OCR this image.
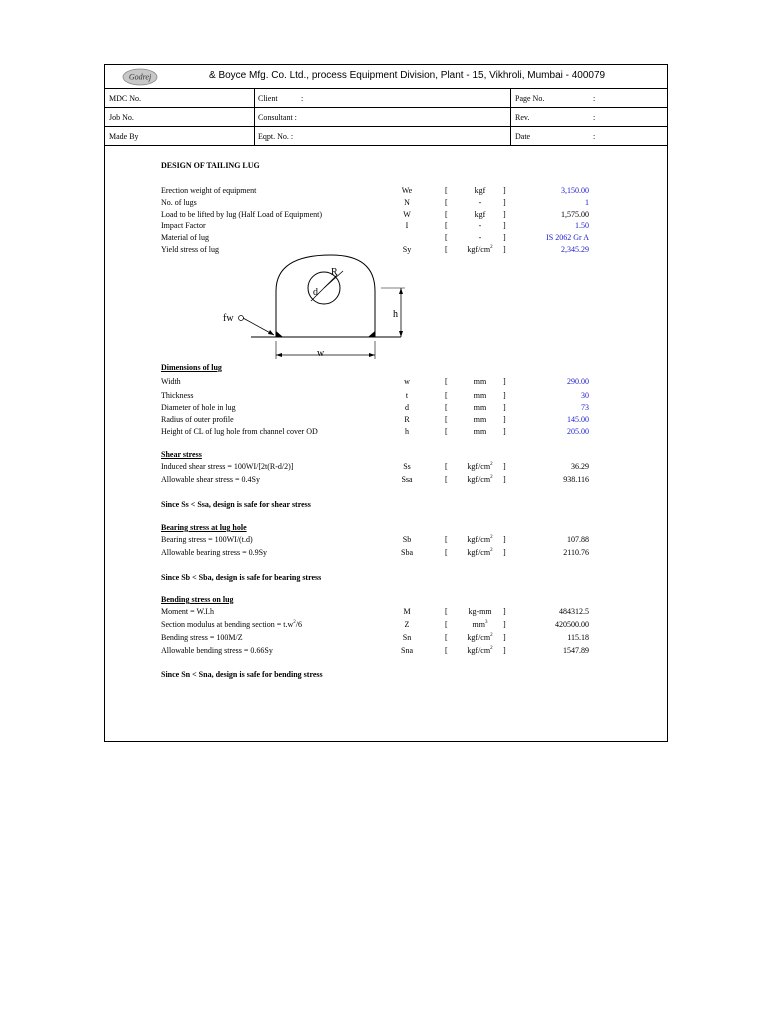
Godrej	& Boyce Mfg. Co. Ltd., process Equipment Division, Plant - 15, Vikhroli, Mumbai - 400079
MDC No.	Client	:	Page No.	:
Job No.	Consultant :	Rev.	:
Made By	Eqpt. No. :	Date	:
R
d
h
w
fw
DESIGN OF TAILING LUG
Erection weight of equipment	We	[	kgf	]	3,150.00
No. of lugs	N	[	-	]	1
Load to be lifted by lug (Half Load of Equipment)	W	[	kgf	]	1,575.00
Impact Factor	I	[	-	]	1.50
Material of lug	[	-	]	IS 2062 Gr A
Yield stress of lug	Sy	[	kgf/$cm^2$	]	2,345.29
Dimensions of lug
Width	w	[	mm	]	290.00
Thickness	t	[	mm	]	30
Diameter of hole in lug	d	[	mm	]	73
Radius of outer profile	R	[	mm	]	145.00
Height of CL of lug hole from channel cover OD	h	[	mm	]	205.00
Shear stress
Induced shear stress = 100WI/[2t(R-d/2)]	Ss	[	kgf/$cm^2$	]	36.29
Allowable shear stress = 0.4Sy	Ssa	[	kgf/$cm^2$	]	938.116
Since Ss < Ssa, design is safe for shear stress
Bearing stress at lug hole
Bearing stress = 100WI/(t.d)	Sb	[	kgf/$cm^2$	]	107.88
Allowable bearing stress = 0.9Sy	Sba	[	kgf/$cm^2$	]	2110.76
Since Sb < Sba, design is safe for bearing stress
Bending stress on lug
Moment = W.I.h	M	[	kg-mm	]	484312.5
Section modulus at bending section = $t.w^2/6$	Z	[	$mm^3$	]	420500.00
Bending stress = 100M/Z	Sn	[	kgf/$cm^2$	]	115.18
Allowable bending stress = 0.66Sy	Sna	[	kgf/$cm^2$	]	1547.89
Since Sn < Sna, design is safe for bending stress
